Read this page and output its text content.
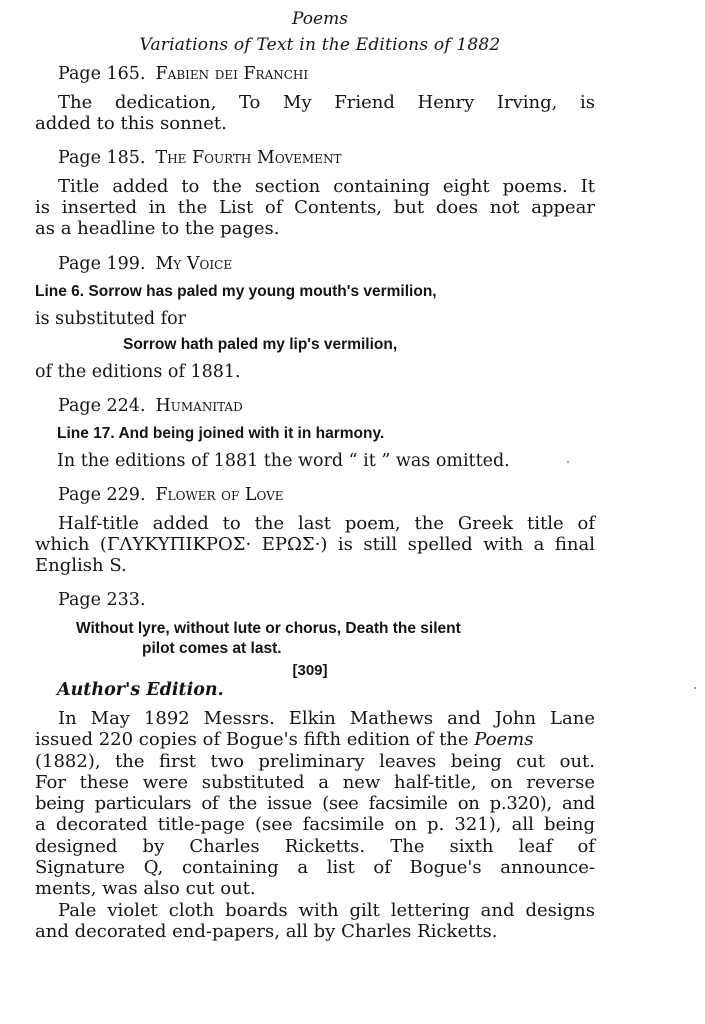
Poems
Variations of Text in the Editions of 1882
Page 165. Fabien dei Franchi
The dedication, To My Friend Henry Irving, is
added to this sonnet.
Page 185. The Fourth Movement
Title added to the section containing eight poems. It
is inserted in the List of Contents, but does not appear
as a headline to the pages.
Page 199. My Voice
Line 6. Sorrow has paled my young mouth's vermilion,
is substituted for
Sorrow hath paled my lip's vermilion,
of the editions of 1881.
Page 224. Humanitad
Line 17. And being joined with it in harmony.
In the editions of 1881 the word “ it ” was omitted.
Page 229. Flower of Love
Half-title added to the last poem, the Greek title of
which (ΓΛΥΚΥΠΙΚΡΟΣ· ΕΡΩΣ·) is still spelled with a final
English S.
Page 233.
Without lyre, without lute or chorus, Death the silent
pilot comes at last.
[309]
Author's Edition.
In May 1892 Messrs. Elkin Mathews and John Lane
issued 220 copies of Bogue's fifth edition of the Poems
(1882), the first two preliminary leaves being cut out.
For these were substituted a new half-title, on reverse
being particulars of the issue (see facsimile on p.320), and
a decorated title-page (see facsimile on p. 321), all being
designed by Charles Ricketts. The sixth leaf of
Signature Q, containing a list of Bogue's announce-
ments, was also cut out.
Pale violet cloth boards with gilt lettering and designs
and decorated end-papers, all by Charles Ricketts.
